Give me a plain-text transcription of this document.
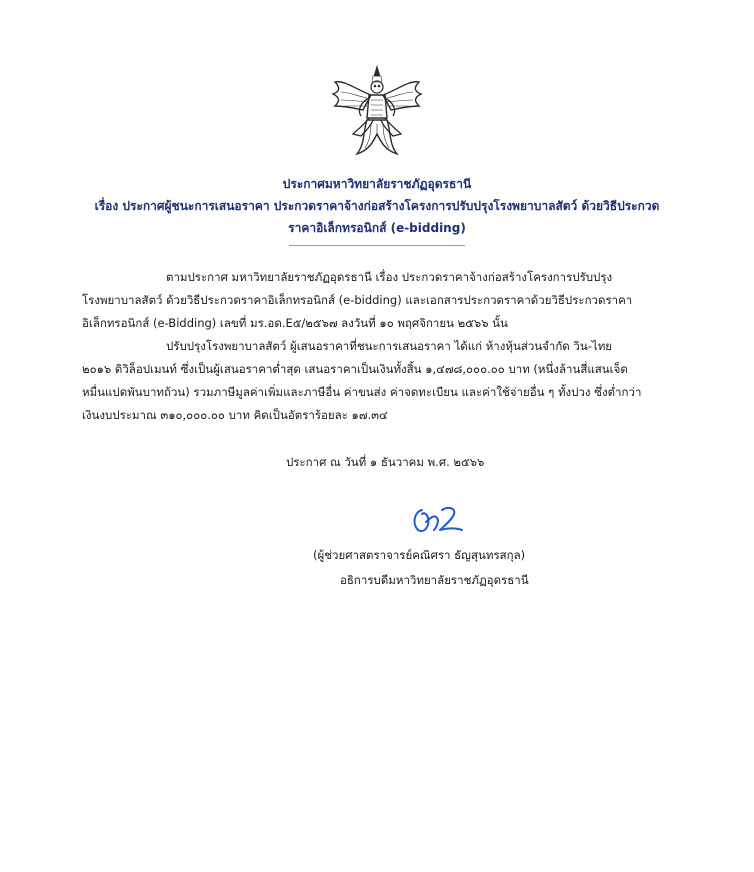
ประกาศมหาวิทยาลัยราชภัฏอุดรธานี
เรื่อง ประกาศผู้ชนะการเสนอราคา ประกวดราคาจ้างก่อสร้างโครงการปรับปรุงโรงพยาบาลสัตว์ ด้วยวิธีประกวด
ราคาอิเล็กทรอนิกส์ (e-bidding)
ตามประกาศ มหาวิทยาลัยราชภัฏอุดรธานี เรื่อง ประกวดราคาจ้างก่อสร้างโครงการปรับปรุง
โรงพยาบาลสัตว์ ด้วยวิธีประกวดราคาอิเล็กทรอนิกส์ (e-bidding) และเอกสารประกวดราคาด้วยวิธีประกวดราคา
อิเล็กทรอนิกส์ (e-Bidding) เลขที่ มร.อด.E๕/๒๕๖๗ ลงวันที่ ๑๐ พฤศจิกายน ๒๕๖๖ นั้น
ปรับปรุงโรงพยาบาลสัตว์ ผู้เสนอราคาที่ชนะการเสนอราคา ได้แก่ ห้างหุ้นส่วนจำกัด วิน-ไทย
๒๐๑๖ ดิวิล็อปเมนท์ ซึ่งเป็นผู้เสนอราคาต่ำสุด เสนอราคาเป็นเงินทั้งสิ้น ๑,๔๗๘,๐๐๐.๐๐ บาท (หนึ่งล้านสี่แสนเจ็ด
หมื่นแปดพันบาทถ้วน) รวมภาษีมูลค่าเพิ่มและภาษีอื่น ค่าขนส่ง ค่าจดทะเบียน และค่าใช้จ่ายอื่น ๆ ทั้งปวง ซึ่งต่ำกว่า
เงินงบประมาณ ๓๑๐,๐๐๐.๐๐ บาท คิดเป็นอัตราร้อยละ ๑๗.๓๔
ประกาศ ณ วันที่ ๑ ธันวาคม พ.ศ. ๒๕๖๖
(ผู้ช่วยศาสตราจารย์คณิศรา ธัญสุนทรสกุล)
อธิการบดีมหาวิทยาลัยราชภัฏอุดรธานี
